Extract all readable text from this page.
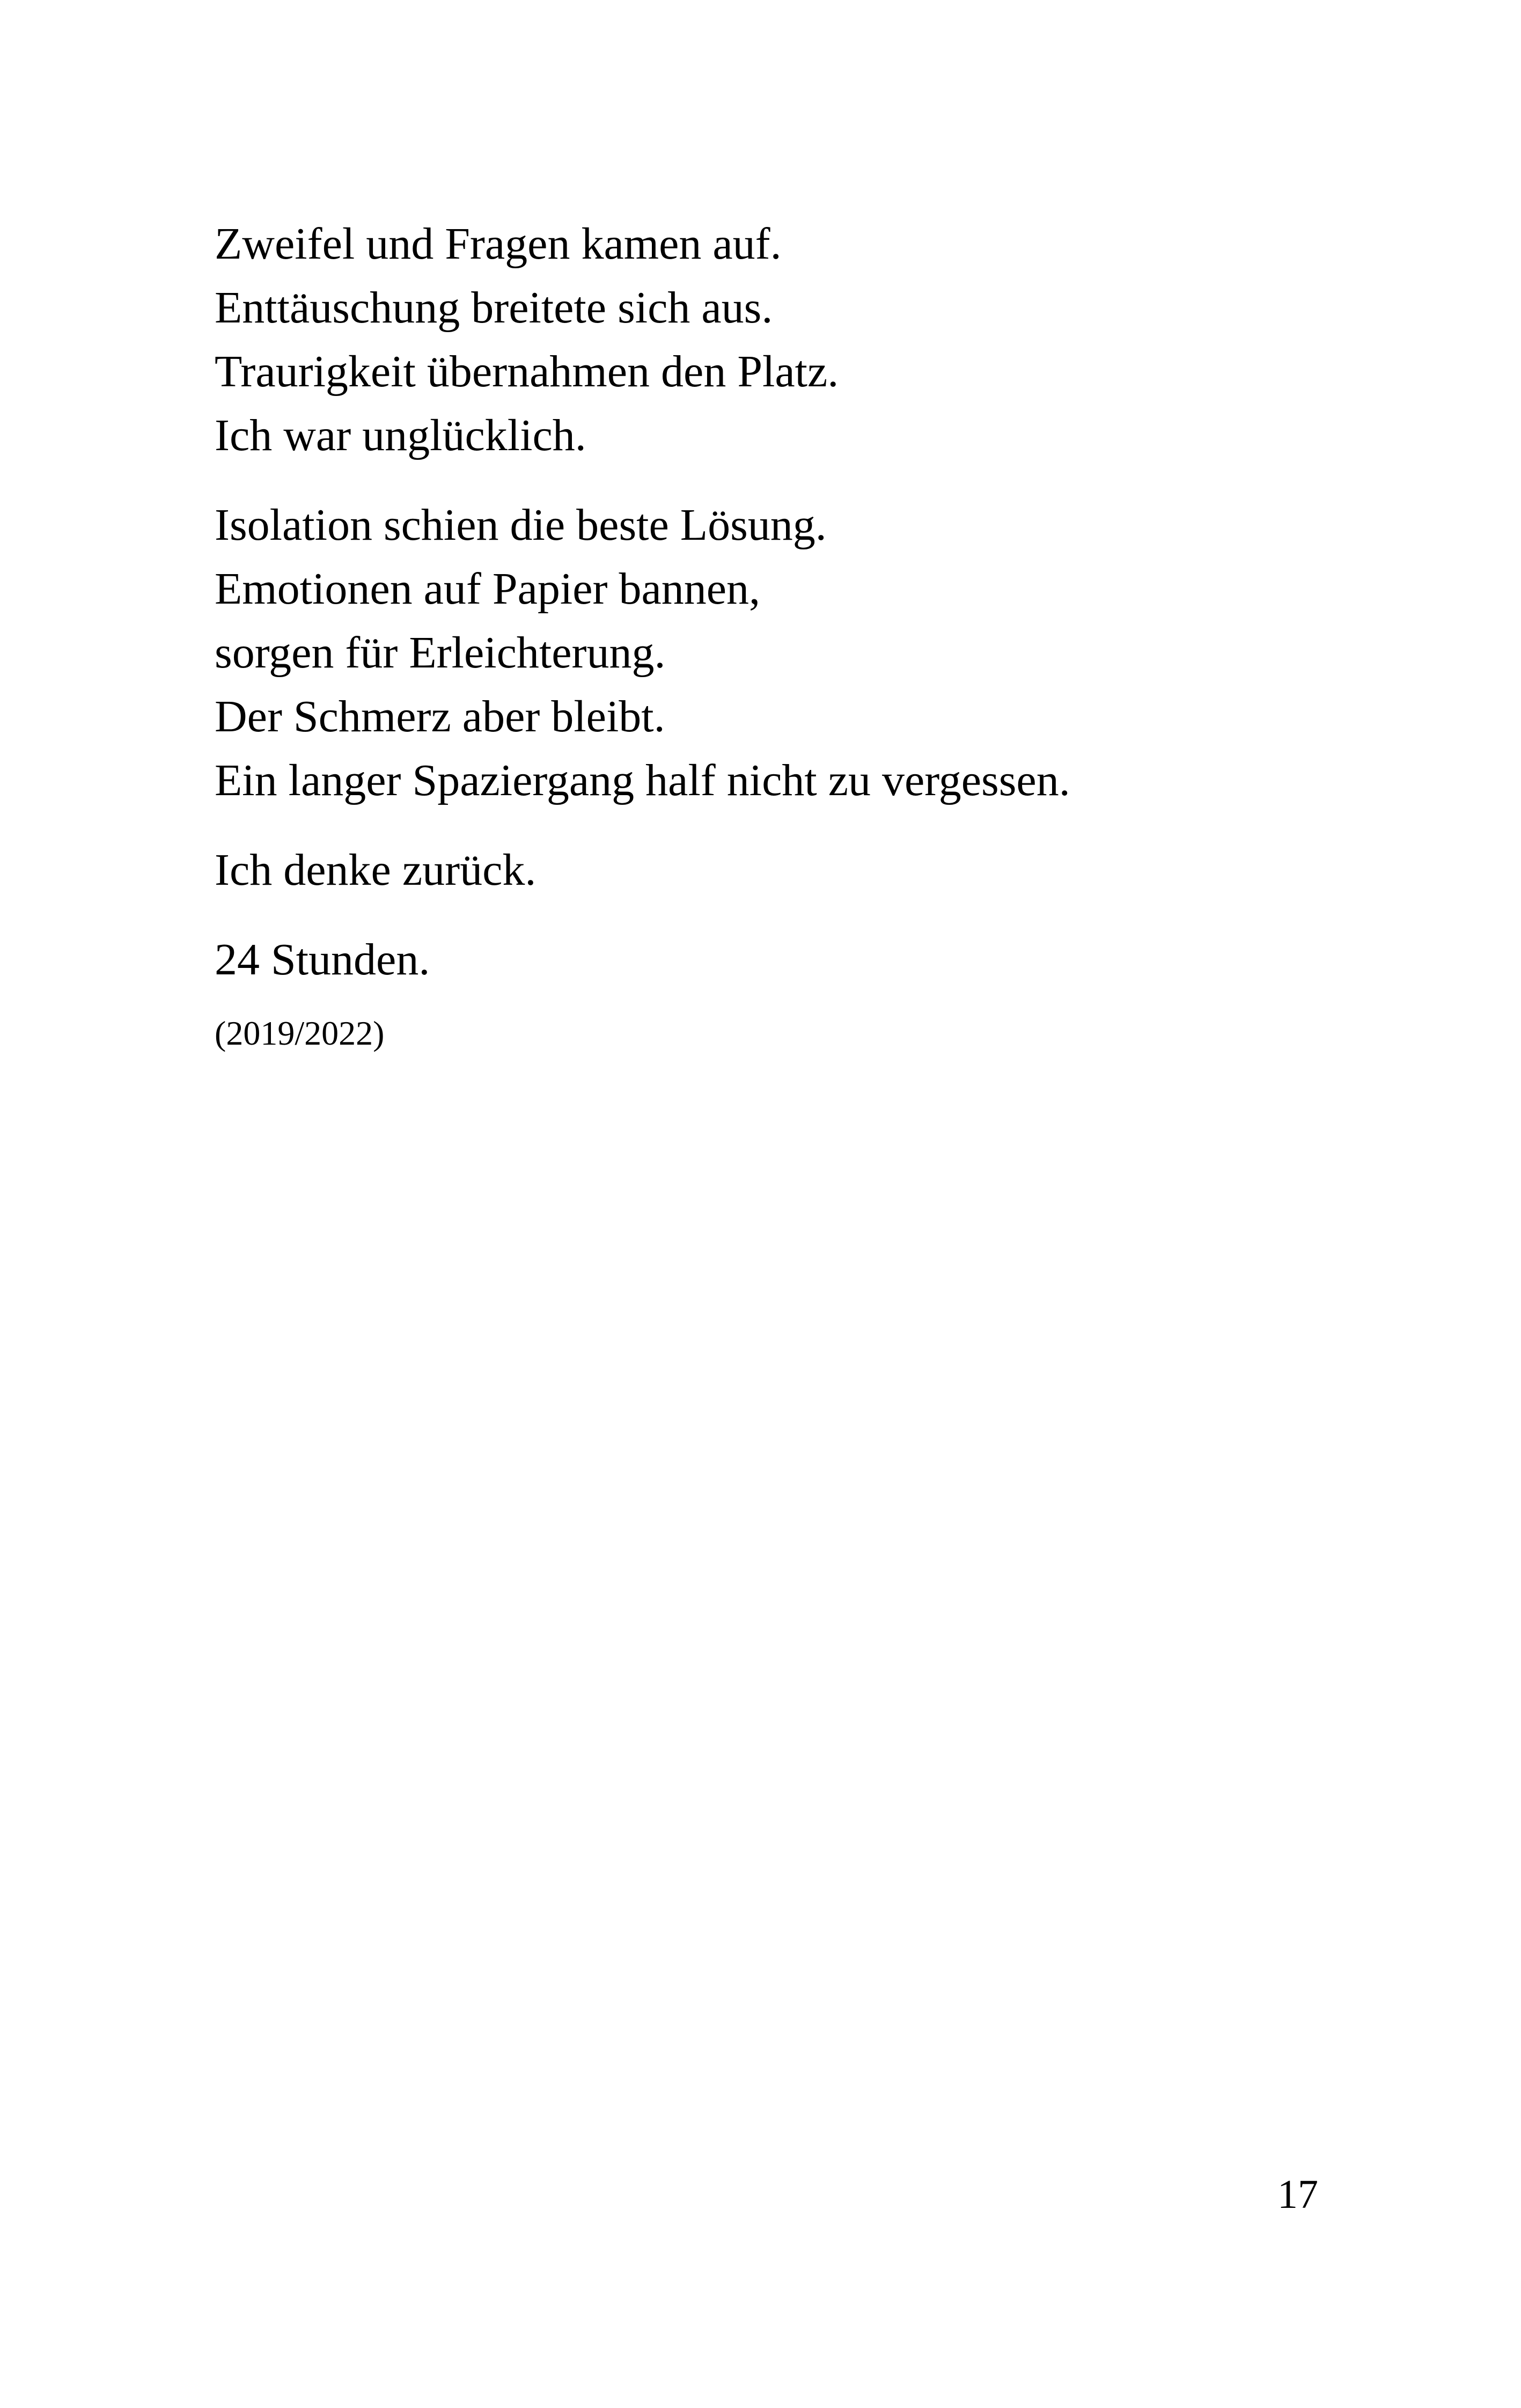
Zweifel und Fragen kamen auf.
Enttäuschung breitete sich aus.
Traurigkeit übernahmen den Platz.
Ich war unglücklich.
Isolation schien die beste Lösung.
Emotionen auf Papier bannen,
sorgen für Erleichterung.
Der Schmerz aber bleibt.
Ein langer Spaziergang half nicht zu vergessen.
Ich denke zurück.
24 Stunden.
(2019/2022)
17
